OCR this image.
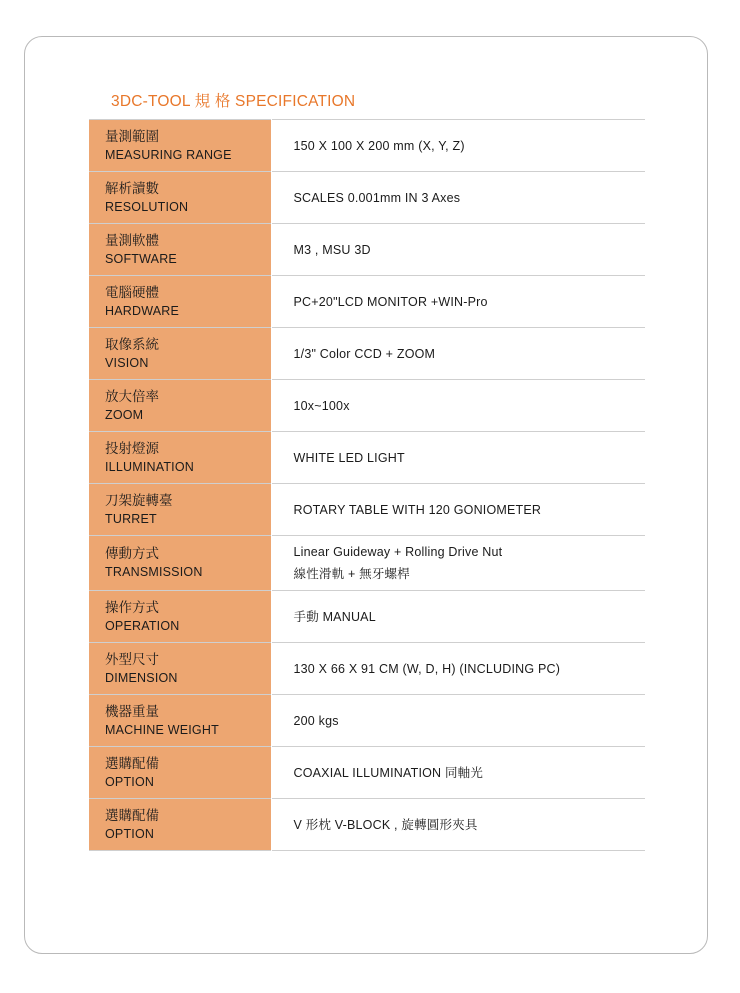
3DC-TOOL 規 格 SPECIFICATION
量測範圍
MEASURING RANGE	150 X 100 X 200 mm (X, Y, Z)

解析讀數
RESOLUTION	SCALES 0.001mm IN 3 Axes

量測軟體
SOFTWARE	M3 , MSU 3D

電腦硬體
HARDWARE	PC+20"LCD MONITOR +WIN-Pro

取像系統
VISION	1/3" Color CCD + ZOOM

放大倍率
ZOOM	10x~100x

投射燈源
ILLUMINATION	WHITE LED LIGHT

刀架旋轉臺
TURRET	ROTARY TABLE WITH 120 GONIOMETER

傳動方式
TRANSMISSION	Linear Guideway + Rolling Drive Nut
線性滑軌 + 無牙螺桿

操作方式
OPERATION	手動 MANUAL

外型尺寸
DIMENSION	130 X 66 X 91 CM (W, D, H) (INCLUDING PC)

機器重量
MACHINE WEIGHT	200 kgs

選購配備
OPTION	COAXIAL ILLUMINATION 同軸光

選購配備
OPTION	V 形枕 V-BLOCK , 旋轉圓形夾具
